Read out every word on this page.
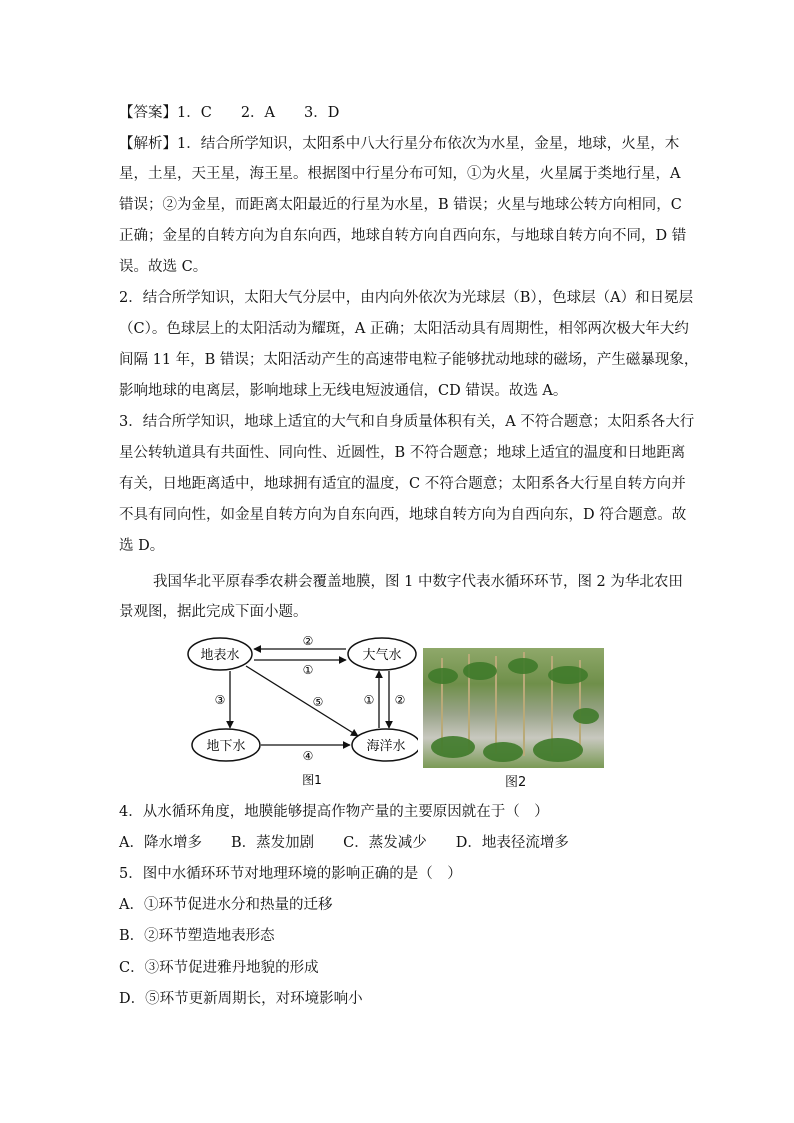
【答案】1．C　　2．A　　3．D
【解析】1．结合所学知识，太阳系中八大行星分布依次为水星，金星，地球，火星，木
星，土星，天王星，海王星。根据图中行星分布可知，①为火星，火星属于类地行星，A
错误；②为金星，而距离太阳最近的行星为水星，B 错误；火星与地球公转方向相同，C
正确；金星的自转方向为自东向西，地球自转方向自西向东，与地球自转方向不同，D 错
误。故选 C。
2．结合所学知识，太阳大气分层中，由内向外依次为光球层（B），色球层（A）和日冕层
（C）。色球层上的太阳活动为耀斑，A 正确；太阳活动具有周期性，相邻两次极大年大约
间隔 11 年，B 错误；太阳活动产生的高速带电粒子能够扰动地球的磁场，产生磁暴现象，
影响地球的电离层，影响地球上无线电短波通信，CD 错误。故选 A。
3．结合所学知识，地球上适宜的大气和自身质量体积有关，A 不符合题意；太阳系各大行
星公转轨道具有共面性、同向性、近圆性，B 不符合题意；地球上适宜的温度和日地距离
有关，日地距离适中，地球拥有适宜的温度，C 不符合题意；太阳系各大行星自转方向并
不具有同向性，如金星自转方向为自东向西，地球自转方向为自西向东，D 符合题意。故
选 D。
我国华北平原春季农耕会覆盖地膜，图 1 中数字代表水循环环节，图 2 为华北农田
景观图，据此完成下面小题。
地表水	大气水
地下水	海洋水
②
①
③	⑤	① ②
④
图1	图2
4．从水循环角度，地膜能够提高作物产量的主要原因就在于（　）
A．降水增多　　B．蒸发加剧　　C．蒸发减少　　D．地表径流增多
5．图中水循环环节对地理环境的影响正确的是（　）
A．①环节促进水分和热量的迁移
B．②环节塑造地表形态
C．③环节促进雅丹地貌的形成
D．⑤环节更新周期长，对环境影响小
